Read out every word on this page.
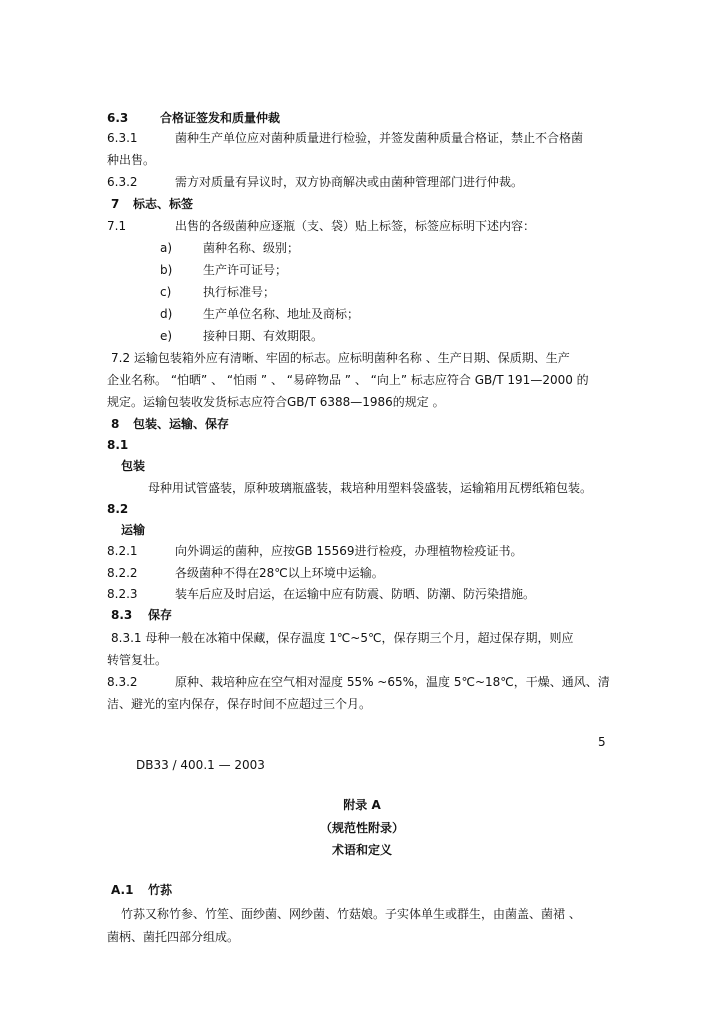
6.3	合格证签发和质量仲裁
6.3.1	菌种生产单位应对菌种质量进行检验，并签发菌种质量合格证，禁止不合格菌
种出售。
6.3.2	需方对质量有异议时，双方协商解决或由菌种管理部门进行仲裁。
7 标志、标签
7.1	出售的各级菌种应逐瓶（支、袋）贴上标签，标签应标明下述内容：
a)	菌种名称、级别；
b)	生产许可证号；
c)	执行标准号；
d)	生产单位名称、地址及商标；
e)	接种日期、有效期限。
7.2 运输包装箱外应有清晰、牢固的标志。应标明菌种名称 、生产日期、保质期、生产
企业名称。 “怕晒” 、 “怕雨 ” 、 “易碎物品 ” 、 “向上” 标志应符合 GB/T 191—2000 的
规定。运输包装收发货标志应符合GB/T 6388—1986的规定 。
8 包装、运输、保存
8.1
包装
母种用试管盛装，原种玻璃瓶盛装，栽培种用塑料袋盛装，运输箱用瓦楞纸箱包装。
8.2
运输
8.2.1	向外调运的菌种，应按GB 15569进行检疫，办理植物检疫证书。
8.2.2	各级菌种不得在28℃以上环境中运输。
8.2.3	装车后应及时启运，在运输中应有防震、防晒、防潮、防污染措施。
8.3 保存
8.3.1 母种一般在冰箱中保藏，保存温度 1℃~5℃，保存期三个月，超过保存期，则应
转管复壮。
8.3.2	原种、栽培种应在空气相对湿度 55% ~65%，温度 5℃~18℃，干燥、通风、清
洁、避光的室内保存，保存时间不应超过三个月。
5
DB33 / 400.1 — 2003
附录 A
（规范性附录）
术语和定义
A.1 竹荪
竹荪又称竹参、竹笙、面纱菌、网纱菌、竹菇娘。子实体单生或群生，由菌盖、菌裙 、
菌柄、菌托四部分组成。
